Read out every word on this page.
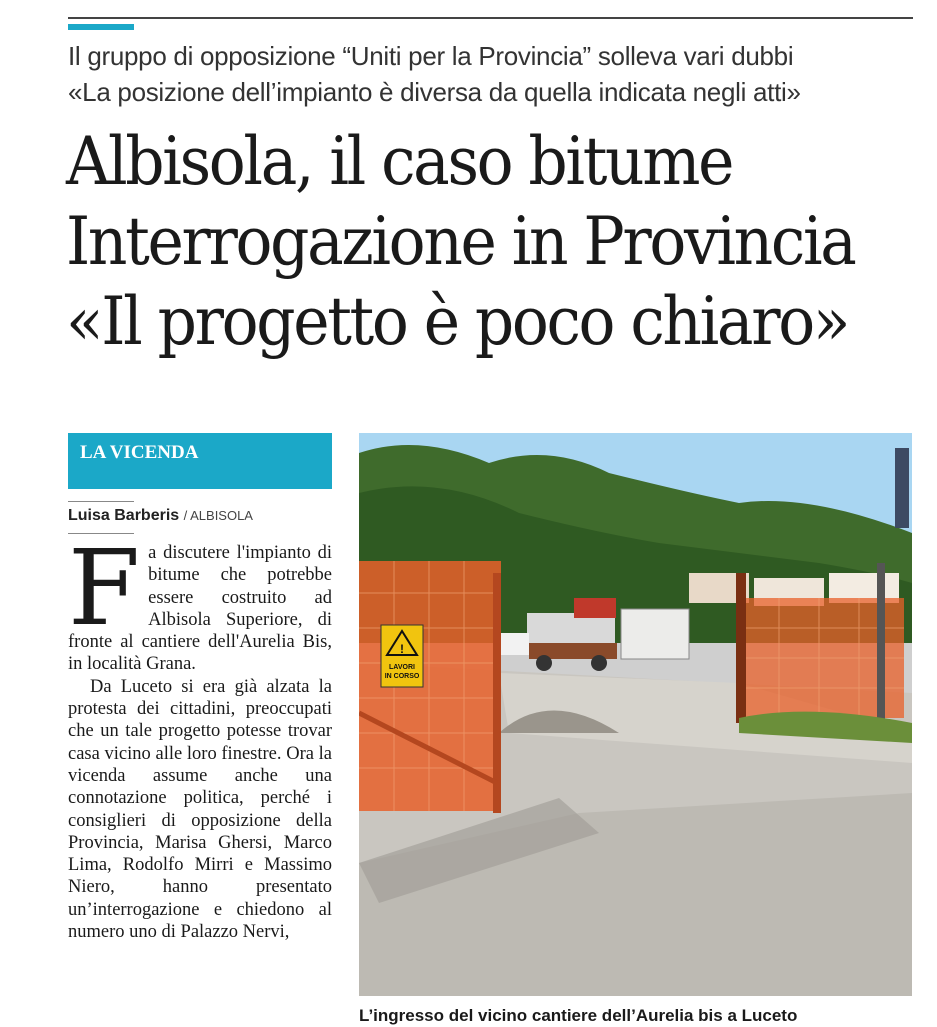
Il gruppo di opposizione “Uniti per la Provincia” solleva vari dubbi
«La posizione dell’impianto è diversa da quella indicata negli atti»
Albisola, il caso bitume
Interrogazione in Provincia
«Il progetto è poco chiaro»
LA VICENDA
Luisa Barberis / ALBISOLA

Fa discutere l'impianto di bitume che potrebbe essere costruito ad Albisola Superiore, di fronte al cantiere dell'Aurelia Bis, in località Grana.

Da Luceto si era già alzata la protesta dei cittadini, preoccupati che un tale progetto potesse trovar casa vicino alle loro finestre. Ora la vicenda assume anche una connotazione politica, perché i consiglieri di opposizione della Provincia, Marisa Ghersi, Marco Lima, Rodolfo Mirri e Massimo Niero, hanno presentato un’interrogazione e chiedono al numero uno di Palazzo Nervi,

!
LAVORI
IN CORSO
L’ingresso del vicino cantiere dell’Aurelia bis a Luceto
